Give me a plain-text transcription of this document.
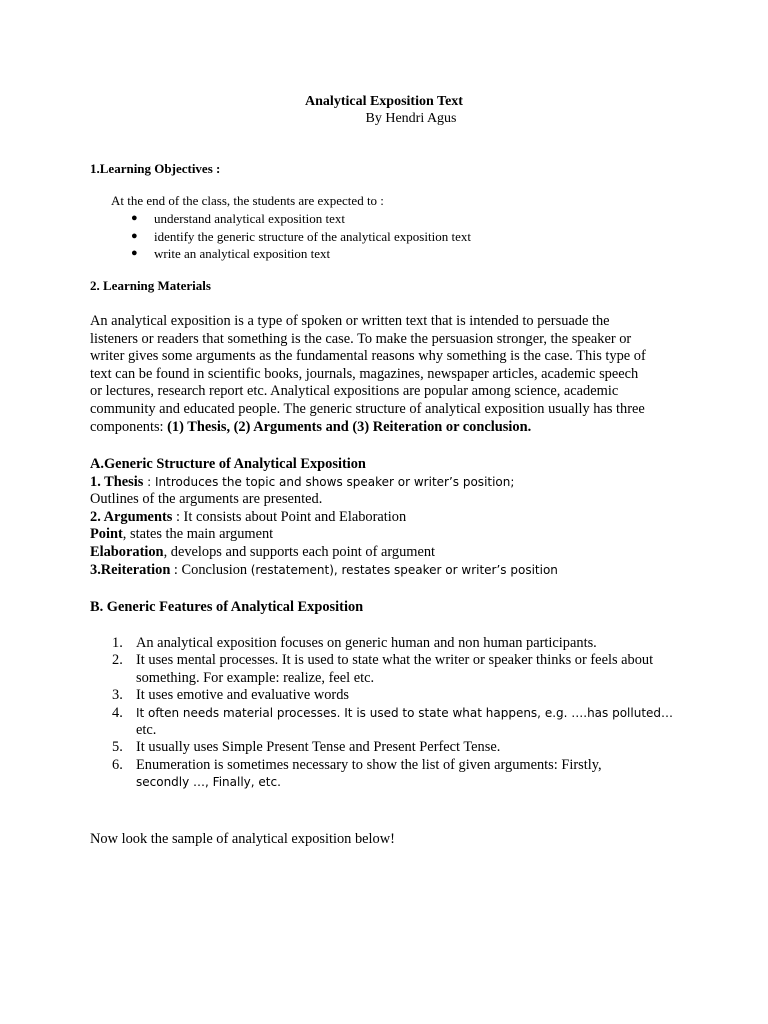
Analytical Exposition Text
By Hendri Agus
1.Learning Objectives :
At the end of the class, the students are expected to :
● understand analytical exposition text
● identify the generic structure of the analytical exposition text
● write an analytical exposition text
2. Learning Materials
An analytical exposition is a type of spoken or written text that is intended to persuade the
listeners or readers that something is the case. To make the persuasion stronger, the speaker or
writer gives some arguments as the fundamental reasons why something is the case. This type of
text can be found in scientific books, journals, magazines, newspaper articles, academic speech
or lectures, research report etc. Analytical expositions are popular among science, academic
community and educated people. The generic structure of analytical exposition usually has three
components: (1) Thesis, (2) Arguments and (3) Reiteration or conclusion.
A.Generic Structure of Analytical Exposition
1. Thesis : Introduces the topic and shows speaker or writer’s position;
Outlines of the arguments are presented.
2. Arguments : It consists about Point and Elaboration
Point, states the main argument
Elaboration, develops and supports each point of argument
3.Reiteration : Conclusion (restatement), restates speaker or writer’s position
B. Generic Features of Analytical Exposition
1. An analytical exposition focuses on generic human and non human participants.
2. It uses mental processes. It is used to state what the writer or speaker thinks or feels about
something. For example: realize, feel etc.
3. It uses emotive and evaluative words
4. It often needs material processes. It is used to state what happens, e.g. ….has polluted…
etc.
5. It usually uses Simple Present Tense and Present Perfect Tense.
6. Enumeration is sometimes necessary to show the list of given arguments: Firstly,
secondly …, Finally, etc.
Now look the sample of analytical exposition below!
